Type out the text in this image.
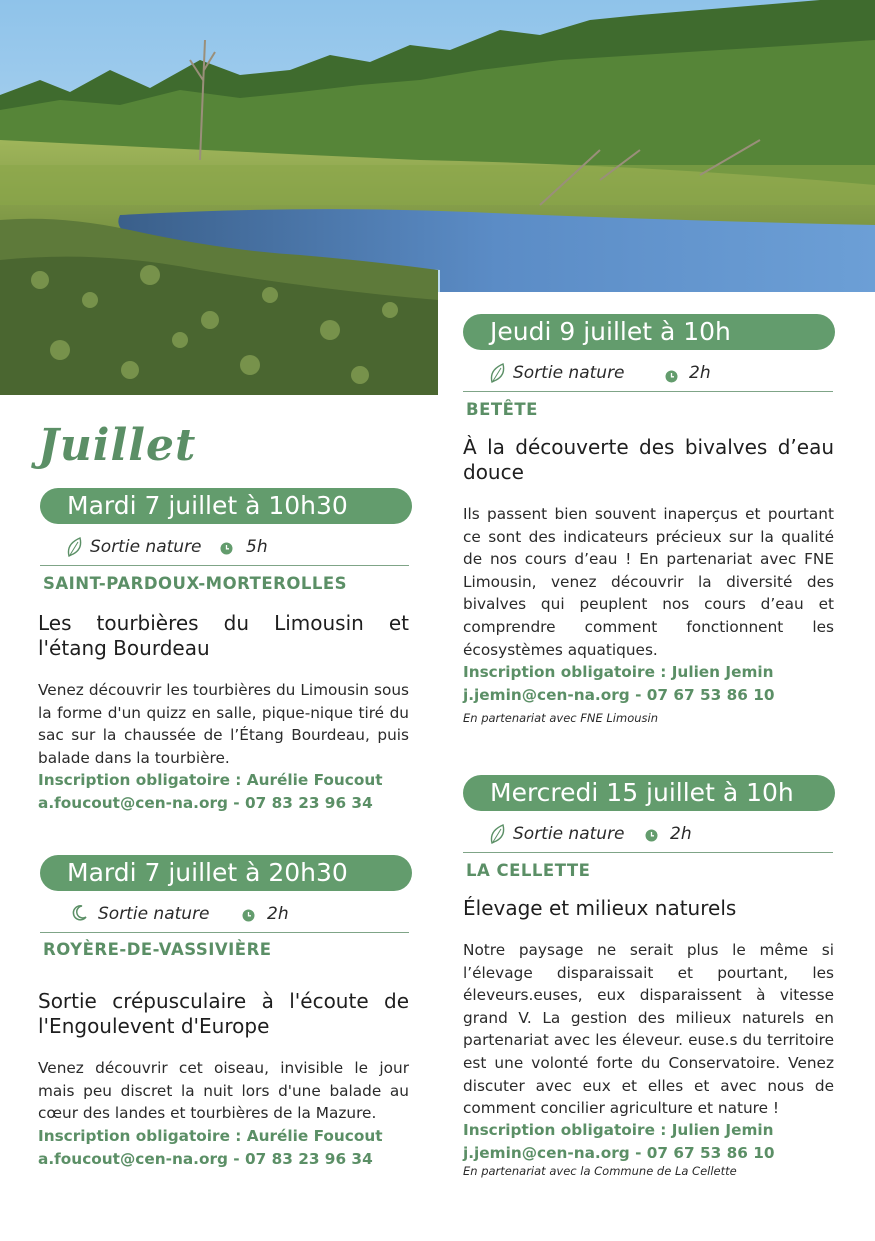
Juillet
Mardi 7 juillet à 10h30
Sortie nature	5h
SAINT-PARDOUX-MORTEROLLES
Les tourbières du Limousin et l'étang Bourdeau
Venez découvrir les tourbières du Limousin sous la forme d'un quizz en salle, pique-nique tiré du sac sur la chaussée de l’Étang Bourdeau, puis balade dans la tourbière.
Inscription obligatoire : Aurélie Foucout
a.foucout@cen-na.org - 07 83 23 96 34
Mardi 7 juillet à 20h30
Sortie nature	2h
ROYÈRE-DE-VASSIVIÈRE
Sortie crépusculaire à l'écoute de l'Engoulevent d'Europe
Venez découvrir cet oiseau, invisible le jour mais peu discret la nuit lors d'une balade au cœur des landes et tourbières de la Mazure.
Inscription obligatoire : Aurélie Foucout
a.foucout@cen-na.org - 07 83 23 96 34
Jeudi 9 juillet à 10h
Sortie nature	2h
BETÊTE
À la découverte des bivalves d’eau douce
Ils passent bien souvent inaperçus et pourtant ce sont des indicateurs précieux sur la qualité de nos cours d’eau ! En partenariat avec FNE Limousin, venez découvrir la diversité des bivalves qui peuplent nos cours d’eau et comprendre comment fonctionnent les écosystèmes aquatiques.
Inscription obligatoire : Julien Jemin
j.jemin@cen-na.org - 07 67 53 86 10
En partenariat avec FNE Limousin
Mercredi 15 juillet à 10h
Sortie nature	2h
LA CELLETTE
Élevage et milieux naturels
Notre paysage ne serait plus le même si l’élevage disparaissait et pourtant, les éleveurs.euses, eux disparaissent à vitesse grand V. La gestion des milieux naturels en partenariat avec les éleveur. euse.s du territoire est une volonté forte du Conservatoire. Venez discuter avec eux et elles et avec nous de comment concilier agriculture et nature !
Inscription obligatoire : Julien Jemin
j.jemin@cen-na.org - 07 67 53 86 10
En partenariat avec la Commune de La Cellette
